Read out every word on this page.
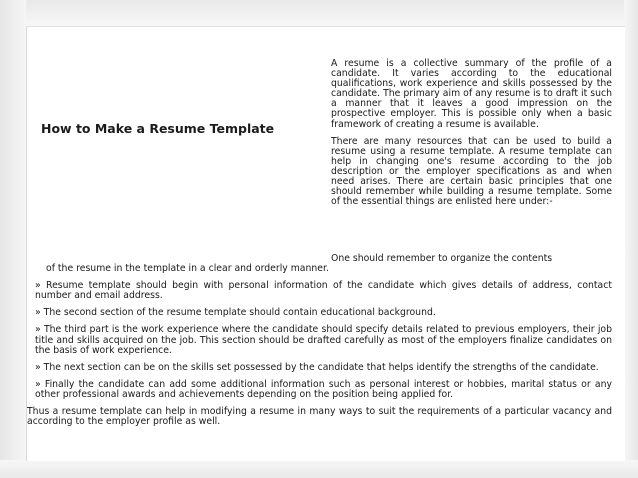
How to Make a Resume Template

A resume is a collective summary of the profile of a candidate. It varies according to the educational qualifications, work experience and skills possessed by the candidate. The primary aim of any resume is to draft it such a manner that it leaves a good impression on the prospective employer. This is possible only when a basic framework of creating a resume is available.

There are many resources that can be used to build a resume using a resume template. A resume template can help in changing one's resume according to the job description or the employer specifications as and when need arises. There are certain basic principles that one should remember while building a resume template. Some of the essential things are enlisted here under:-

One should remember to organize the contents

of the resume in the template in a clear and orderly manner.

» Resume template should begin with personal information of the candidate which gives details of address, contact number and email address.

» The second section of the resume template should contain educational background.

» The third part is the work experience where the candidate should specify details related to previous employers, their job title and skills acquired on the job. This section should be drafted carefully as most of the employers finalize candidates on the basis of work experience.

» The next section can be on the skills set possessed by the candidate that helps identify the strengths of the candidate.

» Finally the candidate can add some additional information such as personal interest or hobbies, marital status or any other professional awards and achievements depending on the position being applied for.

Thus a resume template can help in modifying a resume in many ways to suit the requirements of a particular vacancy and according to the employer profile as well.
